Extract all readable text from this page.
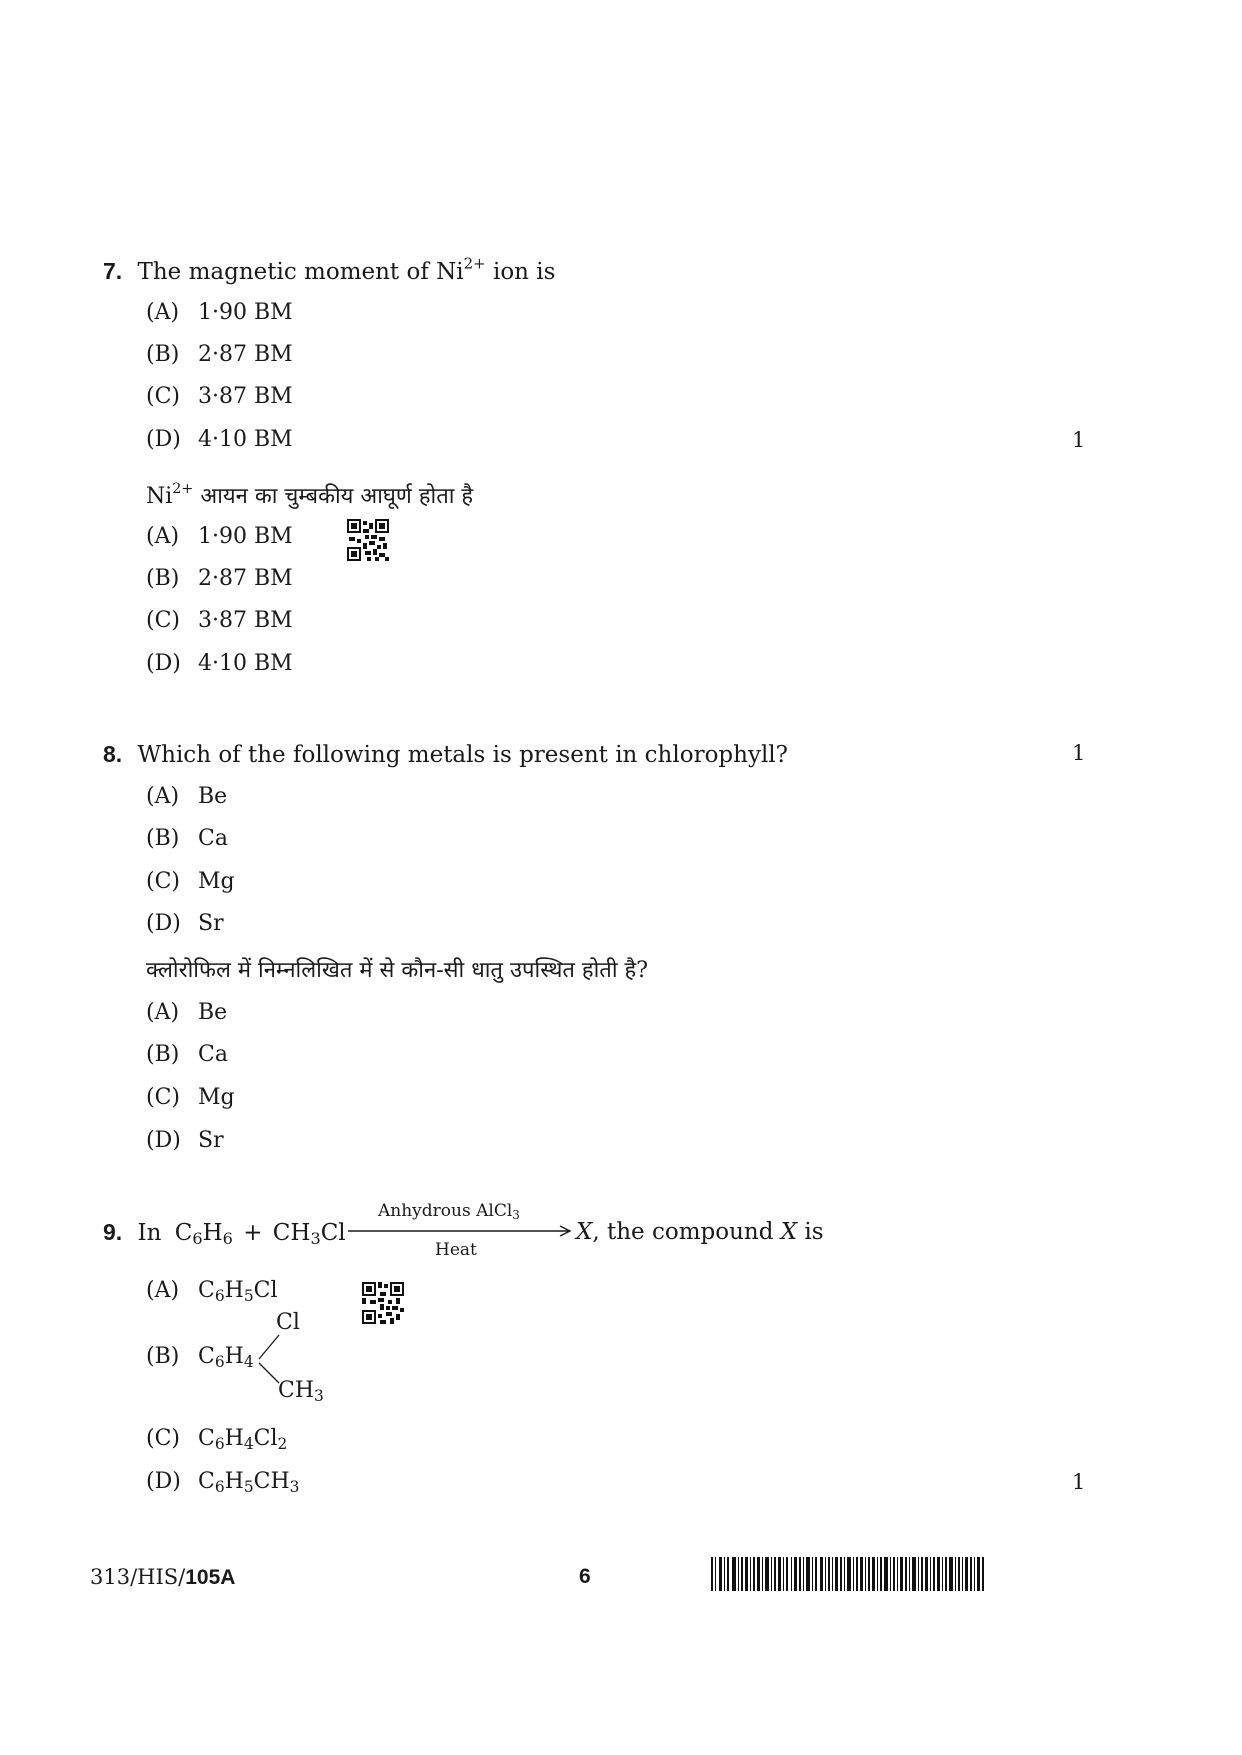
7. The magnetic moment of $Ni^{2+}$ ion is
(A) 1·90 BM
(B) 2·87 BM
(C) 3·87 BM
(D) 4·10 BM	1
$Ni^{2+}$ आयन का चुम्बकीय आघूर्ण होता है
(A) 1·90 BM
(B) 2·87 BM
(C) 3·87 BM
(D) 4·10 BM
8. Which of the following metals is present in chlorophyll?	1
(A) Be
(B) Ca
(C) Mg
(D) Sr
क्लोरोफिल में निम्नलिखित में से कौन-सी धातु उपस्थित होती है?
(A) Be
(B) Ca
(C) Mg
(D) Sr
9. In $C_6H_6 + CH_3Cl$
Anhydrous AlCl$_3$
Heat
X, the compound X is
(A) $C_6H_5Cl$
(B) $C_6H_4$
Cl
$CH_3$
(C) $C_6H_4Cl_2$
(D) $C_6H_5CH_3$	1
313/HIS/105A	6
